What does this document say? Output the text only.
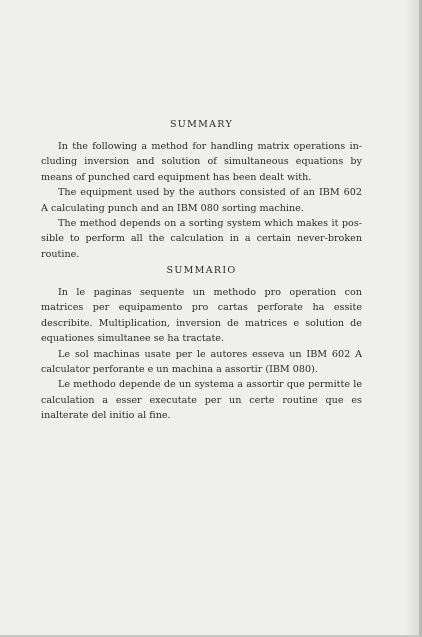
SUMMARY

In the following a method for handling matrix operations including inversion and solution of simultaneous equations by means of punched card equipment has been dealt with.

The equipment used by the authors consisted of an IBM 602 A calculating punch and an IBM 080 sorting machine.

The method depends on a sorting system which makes it possible to perform all the calculation in a certain never-broken routine.

SUMMARIO

In le paginas sequente un methodo pro operation con matrices per equipamento pro cartas perforate ha essite describite. Multiplication, inversion de matrices e solution de equationes simultanee se ha tractate.

Le sol machinas usate per le autores esseva un IBM 602 A calculator perforante e un machina a assortir (IBM 080).

Le methodo depende de un systema a assortir que permitte le calculation a esser executate per un certe routine que es inalterate del initio al fine.
